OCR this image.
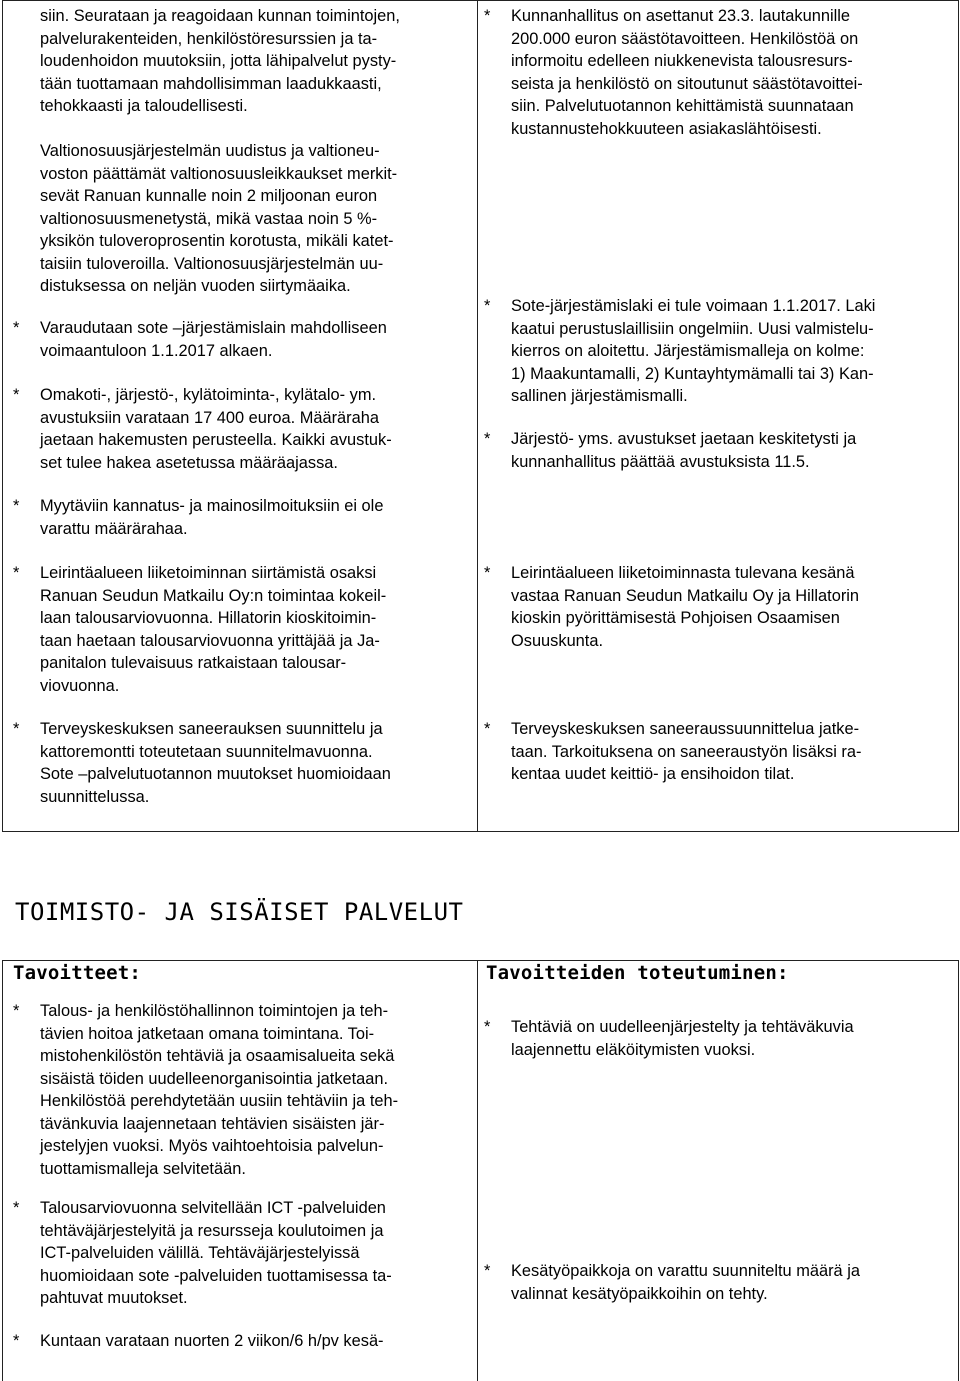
siin. Seurataan ja reagoidaan kunnan toimintojen,
palvelurakenteiden, henkilöstöresurssien ja ta-
loudenhoidon muutoksiin, jotta lähipalvelut pysty-
tään tuottamaan mahdollisimman laadukkaasti,
tehokkaasti ja taloudellisesti.

Valtionosuusjärjestelmän uudistus ja valtioneu-
voston päättämät valtionosuusleikkaukset merkit-
sevät Ranuan kunnalle noin 2 miljoonan euron
valtionosuusmenetystä, mikä vastaa noin 5 %-
yksikön tuloveroprosentin korotusta, mikäli katet-
taisiin tuloveroilla. Valtionosuusjärjestelmän uu-
distuksessa on neljän vuoden siirtymäaika.

* Varaudutaan sote –järjestämislain mahdolliseen
voimaantuloon 1.1.2017 alkaen.

* Omakoti-, järjestö-, kylätoiminta-, kylätalo- ym.
avustuksiin varataan 17 400 euroa. Määräraha
jaetaan hakemusten perusteella. Kaikki avustuk-
set tulee hakea asetetussa määräajassa.

* Myytäviin kannatus- ja mainosilmoituksiin ei ole
varattu määrärahaa.

* Leirintäalueen liiketoiminnan siirtämistä osaksi
Ranuan Seudun Matkailu Oy:n toimintaa kokeil-
laan talousarviovuonna. Hillatorin kioskitoimin-
taan haetaan talousarviovuonna yrittäjää ja Ja-
panitalon tulevaisuus ratkaistaan talousar-
viovuonna.

* Terveyskeskuksen saneerauksen suunnittelu ja
kattoremontti toteutetaan suunnitelmavuonna.
Sote –palvelutuotannon muutokset huomioidaan
suunnittelussa.

* Kunnanhallitus on asettanut 23.3. lautakunnille
200.000 euron säästötavoitteen. Henkilöstöä on
informoitu edelleen niukkenevista talousresurs-
seista ja henkilöstö on sitoutunut säästötavoittei-
siin. Palvelutuotannon kehittämistä suunnataan
kustannustehokkuuteen asiakaslähtöisesti.

* Sote-järjestämislaki ei tule voimaan 1.1.2017. Laki
kaatui perustuslaillisiin ongelmiin. Uusi valmistelu-
kierros on aloitettu. Järjestämismalleja on kolme:
1) Maakuntamalli, 2) Kuntayhtymämalli tai 3) Kan-
sallinen järjestämismalli.

* Järjestö- yms. avustukset jaetaan keskitetysti ja
kunnanhallitus päättää avustuksista 11.5.

* Leirintäalueen liiketoiminnasta tulevana kesänä
vastaa Ranuan Seudun Matkailu Oy ja Hillatorin
kioskin pyörittämisestä Pohjoisen Osaamisen
Osuuskunta.

* Terveyskeskuksen saneeraussuunnittelua jatke-
taan. Tarkoituksena on saneeraustyön lisäksi ra-
kentaa uudet keittiö- ja ensihoidon tilat.

TOIMISTO- JA SISÄISET PALVELUT
Tavoitteet:	Tavoitteiden toteutuminen:

* Talous- ja henkilöstöhallinnon toimintojen ja teh-
tävien hoitoa jatketaan omana toimintana. Toi-
mistohenkilöstön tehtäviä ja osaamisalueita sekä
sisäistä töiden uudelleenorganisointia jatketaan.
Henkilöstöä perehdytetään uusiin tehtäviin ja teh-
tävänkuvia laajennetaan tehtävien sisäisten jär-
jestelyjen vuoksi. Myös vaihtoehtoisia palvelun-
tuottamismalleja selvitetään.

* Talousarviovuonna selvitellään ICT -palveluiden
tehtäväjärjestelyitä ja resursseja koulutoimen ja
ICT-palveluiden välillä. Tehtäväjärjestelyissä
huomioidaan sote -palveluiden tuottamisessa ta-
pahtuvat muutokset.

* Kuntaan varataan nuorten 2 viikon/6 h/pv kesä-

* Tehtäviä on uudelleenjärjestelty ja tehtäväkuvia
laajennettu eläköitymisten vuoksi.

* Kesätyöpaikkoja on varattu suunniteltu määrä ja
valinnat kesätyöpaikkoihin on tehty.
